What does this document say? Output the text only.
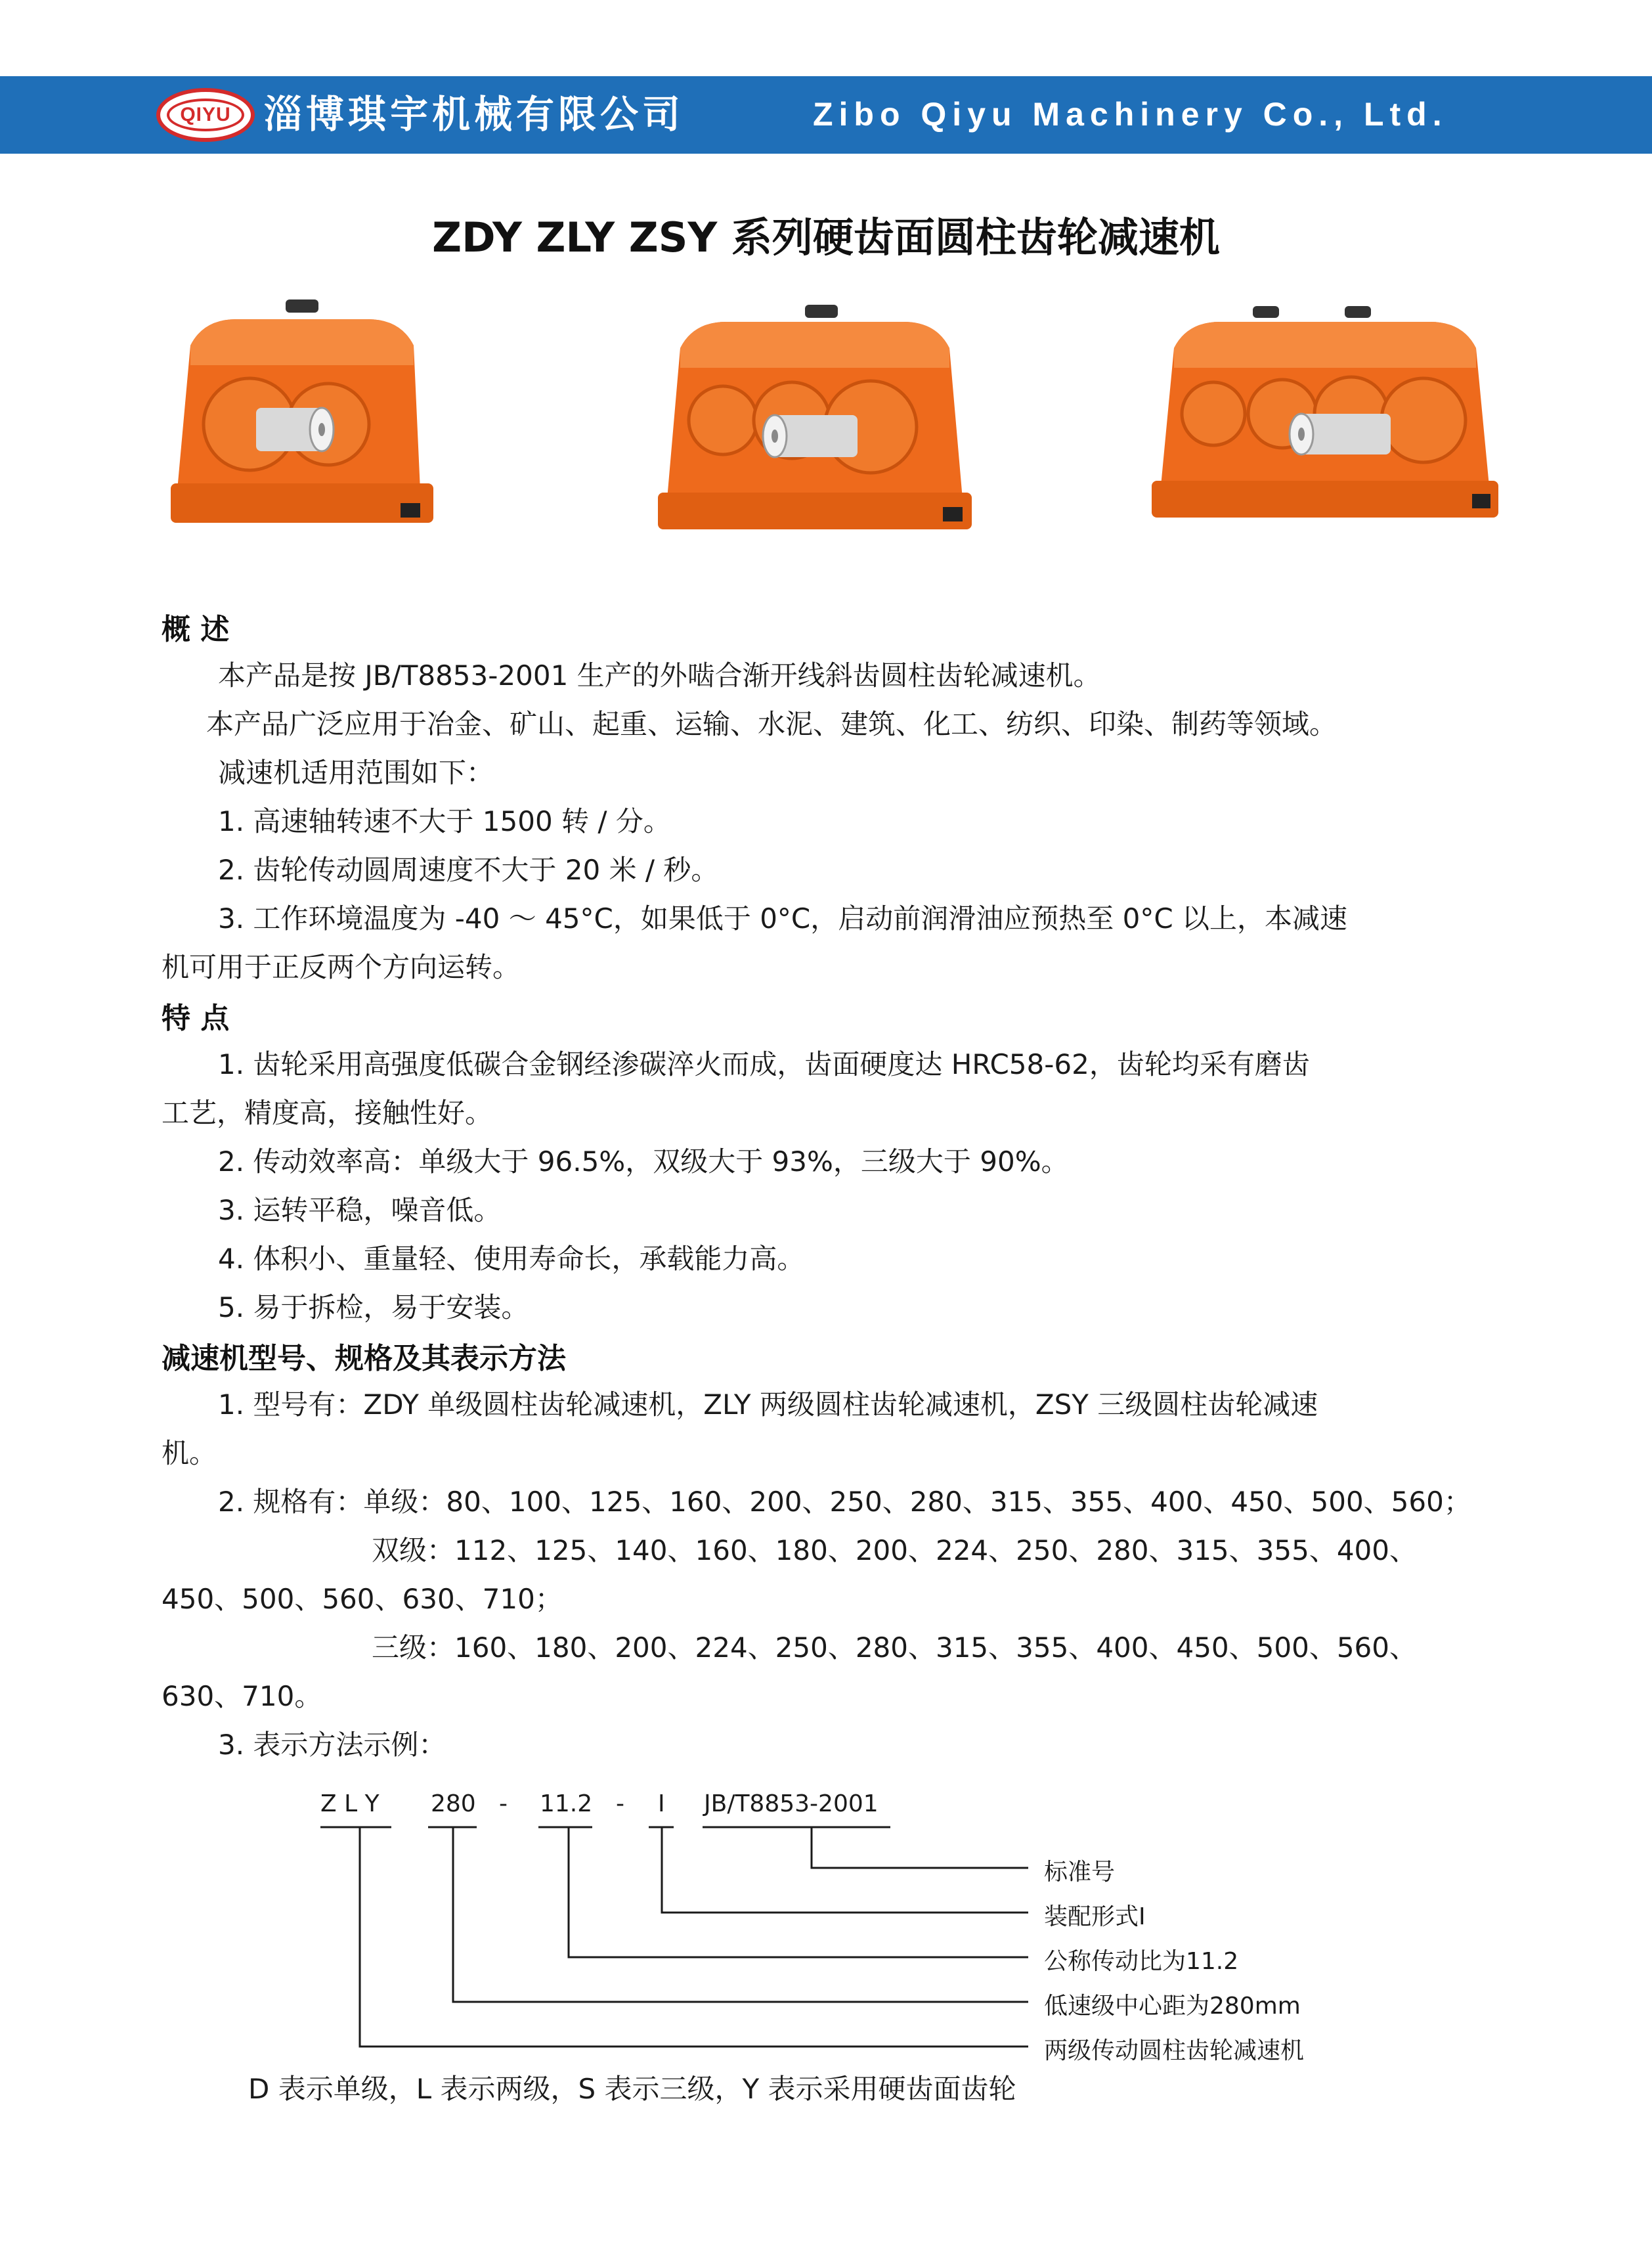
QIYU 淄博琪宇机械有限公司	Zibo Qiyu Machinery Co., Ltd.
ZDY ZLY ZSY 系列硬齿面圆柱齿轮减速机
概 述
本产品是按 JB/T8853-2001 生产的外啮合渐开线斜齿圆柱齿轮减速机。
本产品广泛应用于冶金、矿山、起重、运输、水泥、建筑、化工、纺织、印染、制药等领域。
减速机适用范围如下：
1. 高速轴转速不大于 1500 转 / 分。
2. 齿轮传动圆周速度不大于 20 米 / 秒。
3. 工作环境温度为 -40 ～ 45°C，如果低于 0°C，启动前润滑油应预热至 0°C 以上，本减速
机可用于正反两个方向运转。
特 点
1. 齿轮采用高强度低碳合金钢经渗碳淬火而成，齿面硬度达 HRC58-62，齿轮均采有磨齿
工艺，精度高，接触性好。
2. 传动效率高：单级大于 96.5%，双级大于 93%，三级大于 90%。
3. 运转平稳，噪音低。
4. 体积小、重量轻、使用寿命长，承载能力高。
5. 易于拆检，易于安装。
减速机型号、规格及其表示方法
1. 型号有：ZDY 单级圆柱齿轮减速机，ZLY 两级圆柱齿轮减速机，ZSY 三级圆柱齿轮减速
机。
2. 规格有：单级：80、100、125、160、200、250、280、315、355、400、450、500、560；
双级：112、125、140、160、180、200、224、250、280、315、355、400、
450、500、560、630、710；
三级：160、180、200、224、250、280、315、355、400、450、500、560、
630、710。
3. 表示方法示例：
Z L Y 280 - 11.2 - I JB/T8853-2001
标准号
装配形式I
公称传动比为11.2
低速级中心距为280mm
两级传动圆柱齿轮减速机
D 表示单级，L 表示两级，S 表示三级，Y 表示采用硬齿面齿轮
